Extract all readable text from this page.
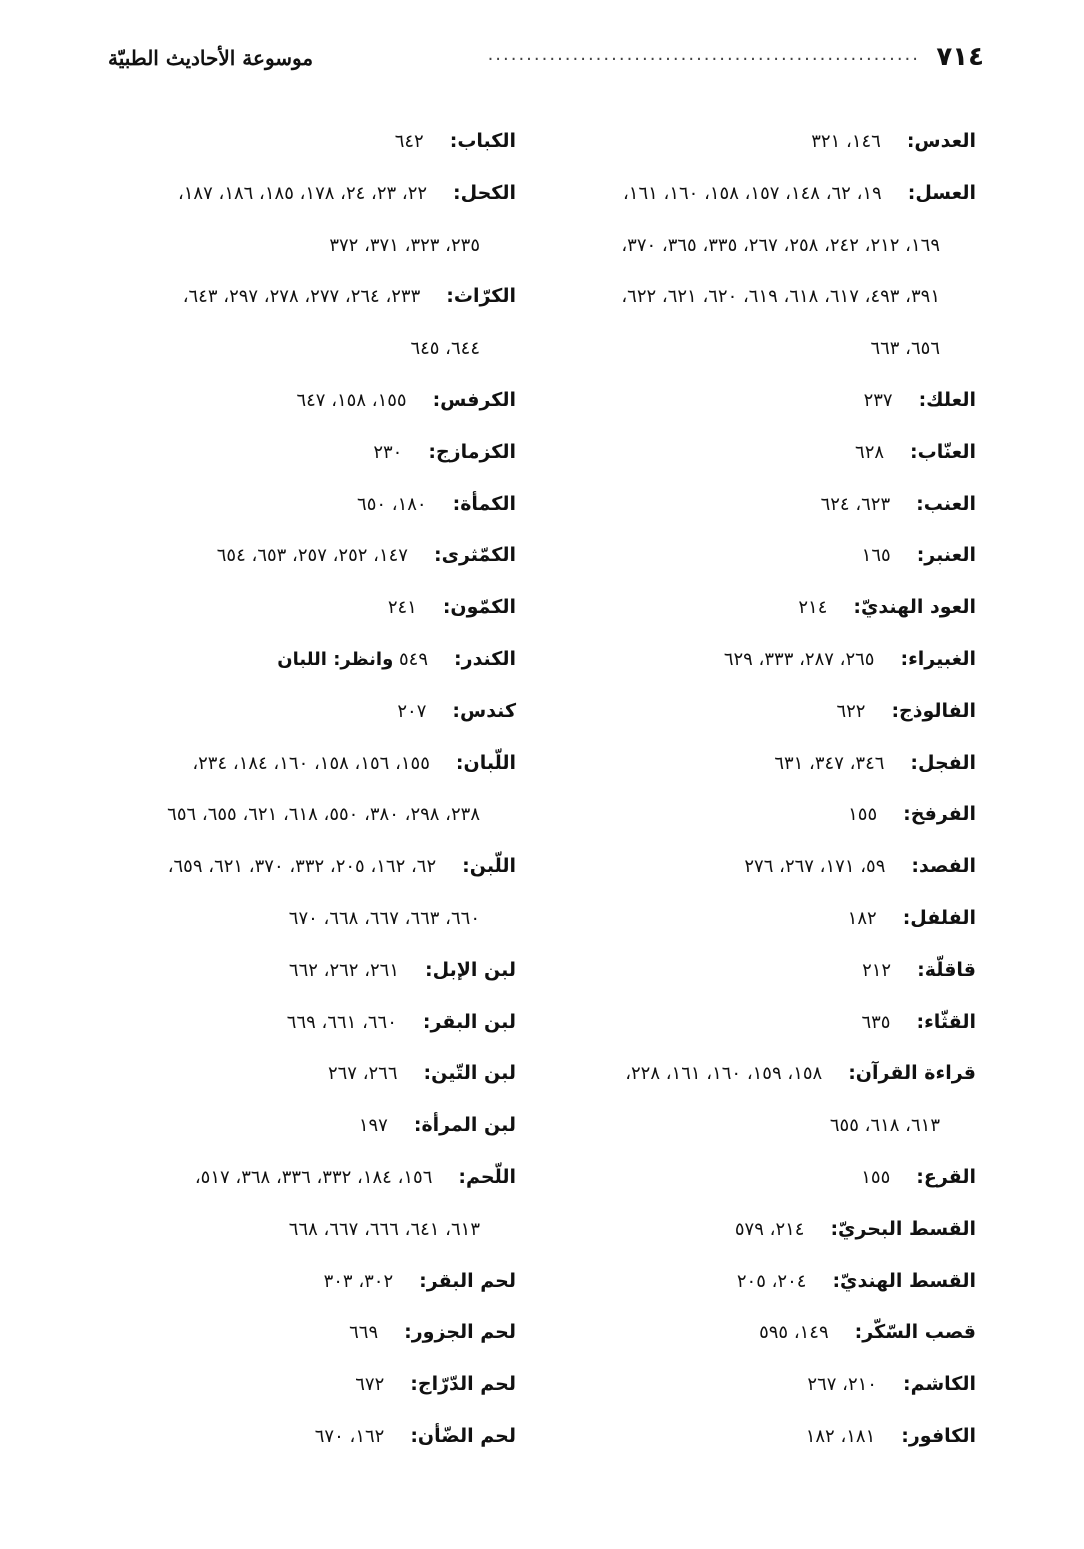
٧١٤
........................................................
موسوعة الأحاديث الطبيّة
العدس:١٤٦، ٣٢١
العسل:١٩، ٦٢، ١٤٨، ١٥٧، ١٥٨، ١٦٠، ١٦١،
١٦٩، ٢١٢، ٢٤٢، ٢٥٨، ٢٦٧، ٣٣٥، ٣٦٥، ٣٧٠،
٣٩١، ٤٩٣، ٦١٧، ٦١٨، ٦١٩، ٦٢٠، ٦٢١، ٦٢٢،
٦٥٦، ٦٦٣
العلك:٢٣٧
العنّاب:٦٢٨
العنب:٦٢٣، ٦٢٤
العنبر:١٦٥
العود الهنديّ:٢١٤
الغبيراء:٢٦٥، ٢٨٧، ٣٣٣، ٦٢٩
الفالوذج:٦٢٢
الفجل:٣٤٦، ٣٤٧، ٦٣١
الفرفخ:١٥٥
الفصد:٥٩، ١٧١، ٢٦٧، ٢٧٦
الفلفل:١٨٢
قاقلّة:٢١٢
القثّاء:٦٣٥
قراءة القرآن:١٥٨، ١٥٩، ١٦٠، ١٦١، ٢٢٨،
٦١٣، ٦١٨، ٦٥٥
القرع:١٥٥
القسط البحريّ:٢١٤، ٥٧٩
القسط الهنديّ:٢٠٤، ٢٠٥
قصب السّكّر:١٤٩، ٥٩٥
الكاشم:٢١٠، ٢٦٧
الكافور:١٨١، ١٨٢
الكباب:٦٤٢
الكحل:٢٢، ٢٣، ٢٤، ١٧٨، ١٨٥، ١٨٦، ١٨٧،
٢٣٥، ٣٢٣، ٣٧١، ٣٧٢
الكرّاث:٢٣٣، ٢٦٤، ٢٧٧، ٢٧٨، ٢٩٧، ٦٤٣،
٦٤٤، ٦٤٥
الكرفس:١٥٥، ١٥٨، ٦٤٧
الكزمازج:٢٣٠
الكمأة:١٨٠، ٦٥٠
الكمّثرى:١٤٧، ٢٥٢، ٢٥٧، ٦٥٣، ٦٥٤
الكمّون:٢٤١
الكندر:٥٤٩ وانظر: اللبان
كندس:٢٠٧
اللّبان:١٥٥، ١٥٦، ١٥٨، ١٦٠، ١٨٤، ٢٣٤،
٢٣٨، ٢٩٨، ٣٨٠، ٥٥٠، ٦١٨، ٦٢١، ٦٥٥، ٦٥٦
اللّبن:٦٢، ١٦٢، ٢٠٥، ٣٣٢، ٣٧٠، ٦٢١، ٦٥٩،
٦٦٠، ٦٦٣، ٦٦٧، ٦٦٨، ٦٧٠
لبن الإبل:٢٦١، ٢٦٢، ٦٦٢
لبن البقر:٦٦٠، ٦٦١، ٦٦٩
لبن التّين:٢٦٦، ٢٦٧
لبن المرأة:١٩٧
اللّحم:١٥٦، ١٨٤، ٣٣٢، ٣٣٦، ٣٦٨، ٥١٧،
٦١٣، ٦٤١، ٦٦٦، ٦٦٧، ٦٦٨
لحم البقر:٣٠٢، ٣٠٣
لحم الجزور:٦٦٩
لحم الدّرّاج:٦٧٢
لحم الضّأن:١٦٢، ٦٧٠
